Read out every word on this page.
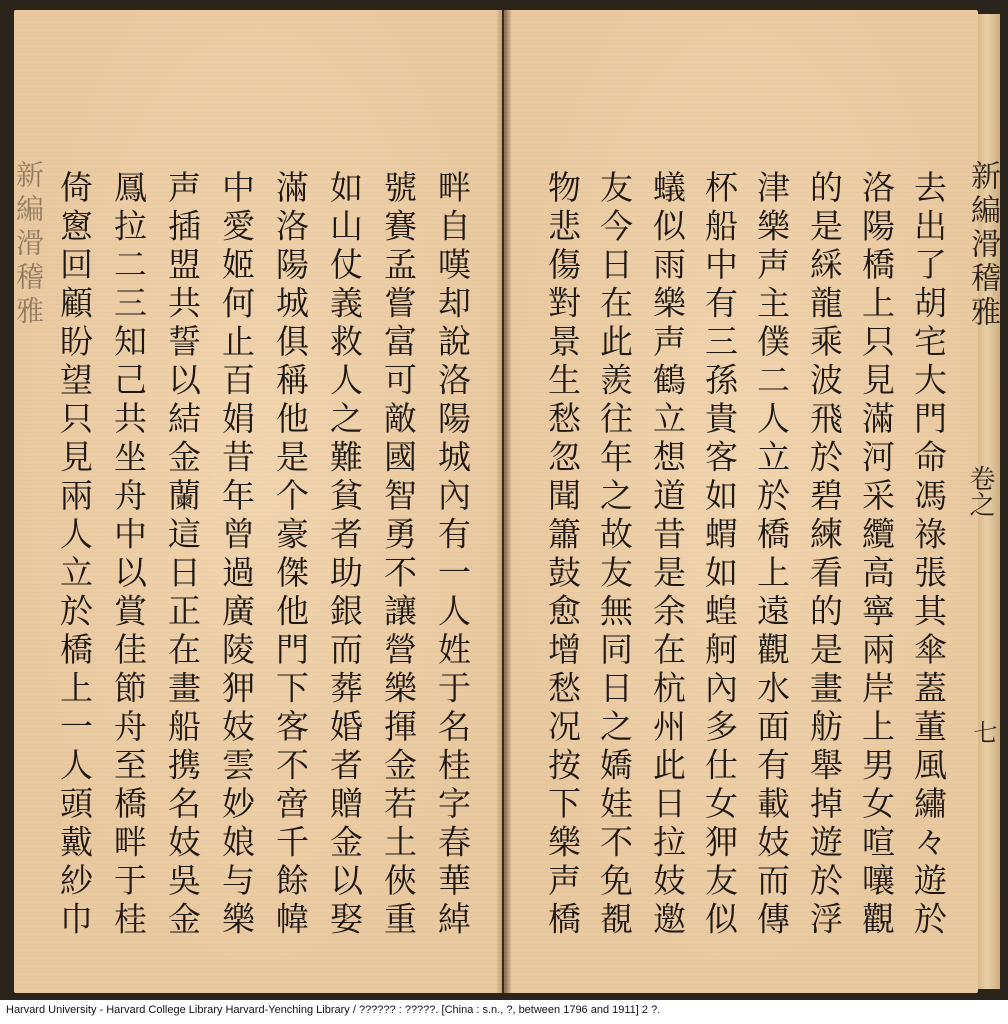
新編滑稽雅	新編滑稽雅
卷之
七
去出了胡宅大門命馮祿張其傘蓋董風繡々遊於
洛陽橋上只見滿河采纜高寧兩岸上男女喧嚷觀
的是綵龍乘波飛於碧練看的是畫舫舉掉遊於浮
津樂声主僕二人立於橋上遠觀水面有載妓而傳
杯船中有三孫貴客如蝟如蝗舸內多仕女狎友似
蟻似雨樂声鶴立想道昔是余在杭州此日拉妓邀
友今日在此羨往年之故友無同日之嬌娃不免覩
物悲傷對景生愁忽聞簫鼓愈增愁况按下樂声橋
畔自嘆却說洛陽城內有一人姓于名桂字春華綽
號賽孟嘗富可敵國智勇不讓營樂揮金若土俠重
如山仗義救人之難貧者助銀而葬婚者贈金以娶
滿洛陽城俱稱他是个豪傑他門下客不啻千餘幃
中愛姬何止百娟昔年曾過廣陵狎妓雲妙娘与樂
声插盟共誓以結金蘭這日正在畫船携名妓吳金
鳳拉二三知己共坐舟中以賞佳節舟至橋畔于桂
倚窻回顧盼望只見兩人立於橋上一人頭戴紗巾
Harvard University - Harvard College Library Harvard-Yenching Library / ?????? : ?????. [China : s.n., ?, between 1796 and 1911] 2 ?.
